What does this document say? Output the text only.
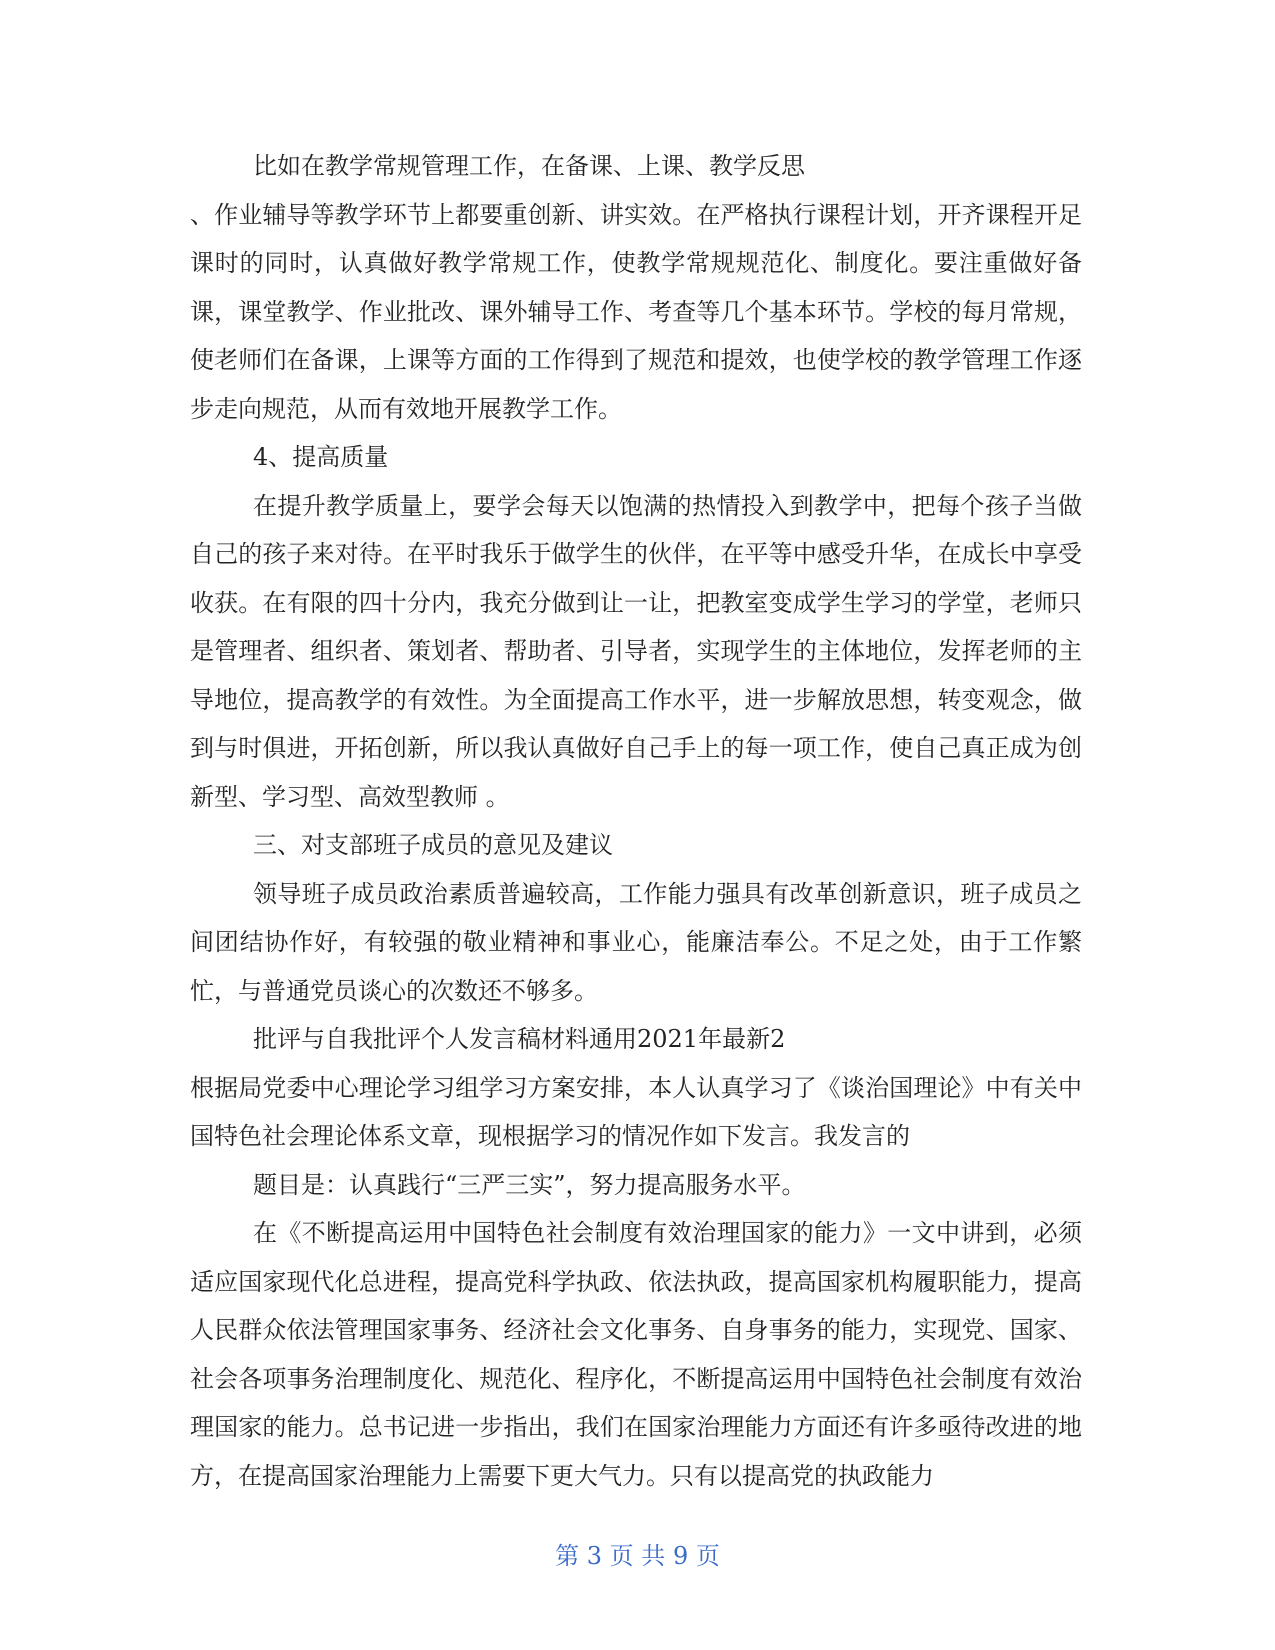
比如在教学常规管理工作，在备课、上课、教学反思

、作业辅导等教学环节上都要重创新、讲实效。在严格执行课程计划，开齐课程开足课时的同时，认真做好教学常规工作，使教学常规规范化、制度化。要注重做好备课，课堂教学、作业批改、课外辅导工作、考查等几个基本环节。学校的每月常规，使老师们在备课，上课等方面的工作得到了规范和提效，也使学校的教学管理工作逐步走向规范，从而有效地开展教学工作。

4、提高质量

在提升教学质量上，要学会每天以饱满的热情投入到教学中，把每个孩子当做自己的孩子来对待。在平时我乐于做学生的伙伴，在平等中感受升华，在成长中享受收获。在有限的四十分内，我充分做到让一让，把教室变成学生学习的学堂，老师只是管理者、组织者、策划者、帮助者、引导者，实现学生的主体地位，发挥老师的主导地位，提高教学的有效性。为全面提高工作水平，进一步解放思想，转变观念，做到与时俱进，开拓创新，所以我认真做好自己手上的每一项工作，使自己真正成为创新型、学习型、高效型教师 。

三、对支部班子成员的意见及建议

领导班子成员政治素质普遍较高，工作能力强具有改革创新意识，班子成员之间团结协作好，有较强的敬业精神和事业心，能廉洁奉公。不足之处，由于工作繁忙，与普通党员谈心的次数还不够多。

批评与自我批评个人发言稿材料通用2021年最新2

根据局党委中心理论学习组学习方案安排，本人认真学习了《谈治国理论》中有关中国特色社会理论体系文章，现根据学习的情况作如下发言。我发言的

题目是：认真践行“三严三实”，努力提高服务水平。

在《不断提高运用中国特色社会制度有效治理国家的能力》一文中讲到，必须适应国家现代化总进程，提高党科学执政、依法执政，提高国家机构履职能力，提高人民群众依法管理国家事务、经济社会文化事务、自身事务的能力，实现党、国家、社会各项事务治理制度化、规范化、程序化，不断提高运用中国特色社会制度有效治理国家的能力。总书记进一步指出，我们在国家治理能力方面还有许多亟待改进的地方，在提高国家治理能力上需要下更大气力。只有以提高党的执政能力

第 3 页 共 9 页
